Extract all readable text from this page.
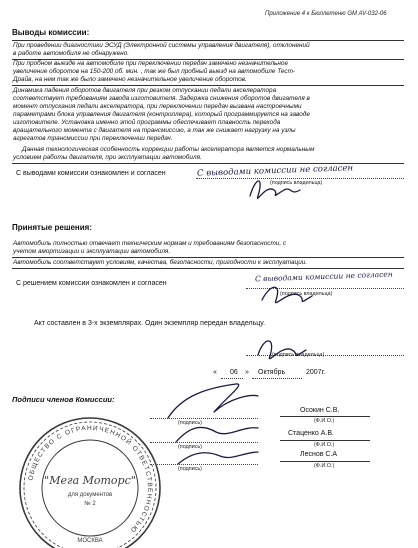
Приложение 4 к Бюллетеню GM AV-032-06
Выводы комиссии:
При проведении диагностики ЭСУД (Электронной системы управления двигателя), отклонений
в работе автомобиля не обнаружено.
При пробном выезде на автомобиле при переключении передач замечено незначительное
увеличение оборотов на 150-200 об. мин. , так же был пробный выезд на автомобиле Тест-
Драйв, на нем так же было замечено незначительное увеличение оборотов.
Динамика падения оборотов двигателя при резком отпускании педали акселератора
соответствует требованиям завода изготовителя. Задержка снижения оборотов двигателя в
момент отпускания педали акселератора, при переключении передач вызвана настроечными
параметрами блока управления двигателя (контроллера), который программируется на заводе
изготовителе. Установка именно этой программы обеспечивает плавность перехода
вращательного момента с двигателя на трансмиссию, а так же снижает нагрузку на узлы
агрегатов трансмиссии при переключении передач.
Данная технологическая особенность коррекции работы акселератора является нормальным
условием работы двигателя, при эксплуатации автомобиля.
С выводами комиссии ознакомлен и согласен	С выводами комиссии не согласен
(подпись владельца)
Принятые решения:
Автомобиль полностью отвечает техническим нормам и требованиям безопасности, с
учетом амортизации и эксплуатации автомобиля.
Автомобиль соответствует условиям, качества, безопасности, пригодности к эксплуатации.
С решением комиссии ознакомлен и согласен
С выводами комиссии не согласен
(подпись владельца)
Акт составлен в 3-х экземплярах. Один экземпляр передан владельцу.
(подпись владельца)
« 06 » Октябрь	2007г.
Подписи членов Комиссии:
(подпись)
Осокин С.В.
(Ф.И.О.)
(подпись)
Стаценко А.В.
(Ф.И.О.)
(подпись)
Леснов С.А
(Ф.И.О.)
ОБЩЕСТВО С ОГРАНИЧЕННОЙ ОТВЕТСТВЕННОСТЬЮ
МОСКВА
"Мега Моторс"
для документов
№ 2
